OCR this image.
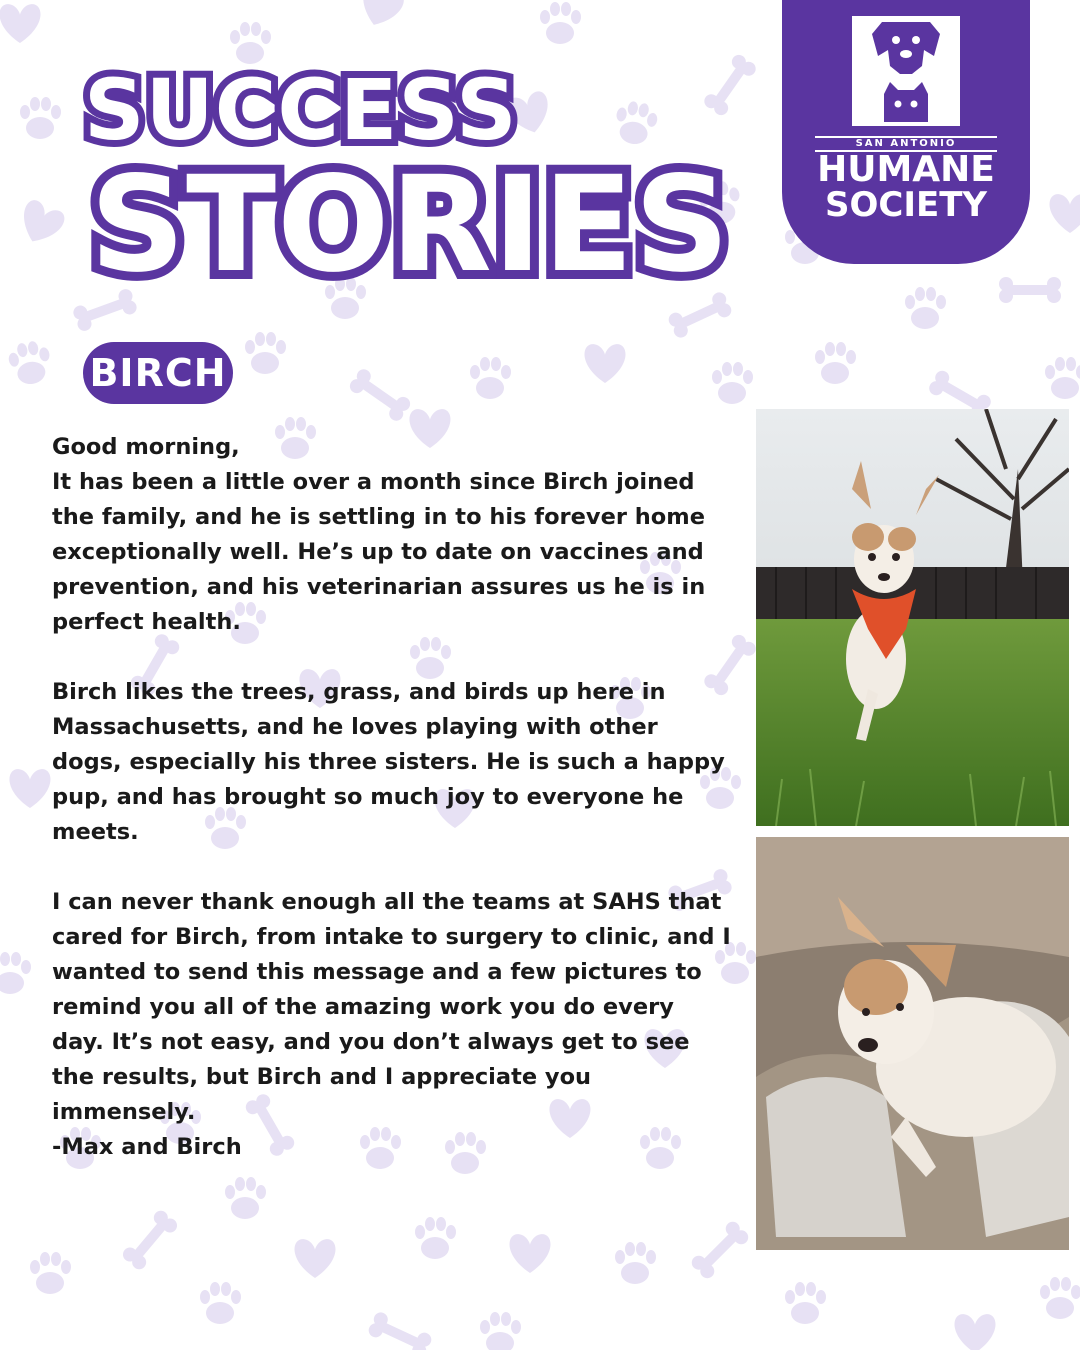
SUCCESS
STORIES
SAN ANTONIO
HUMANE
SOCIETY
BIRCH

Good morning,

It has been a little over a month since Birch joined the family, and he is settling in to his forever home exceptionally well. He’s up to date on vaccines and prevention, and his veterinarian assures us he is in perfect health.

Birch likes the trees, grass, and birds up here in Massachusetts, and he loves playing with other dogs, especially his three sisters. He is such a happy pup, and has brought so much joy to everyone he meets.

I can never thank enough all the teams at SAHS that cared for Birch, from intake to surgery to clinic, and I wanted to send this message and a few pictures to remind you all of the amazing work you do every day. It’s not easy, and you don’t always get to see the results, but Birch and I appreciate you immensely.

-Max and Birch
